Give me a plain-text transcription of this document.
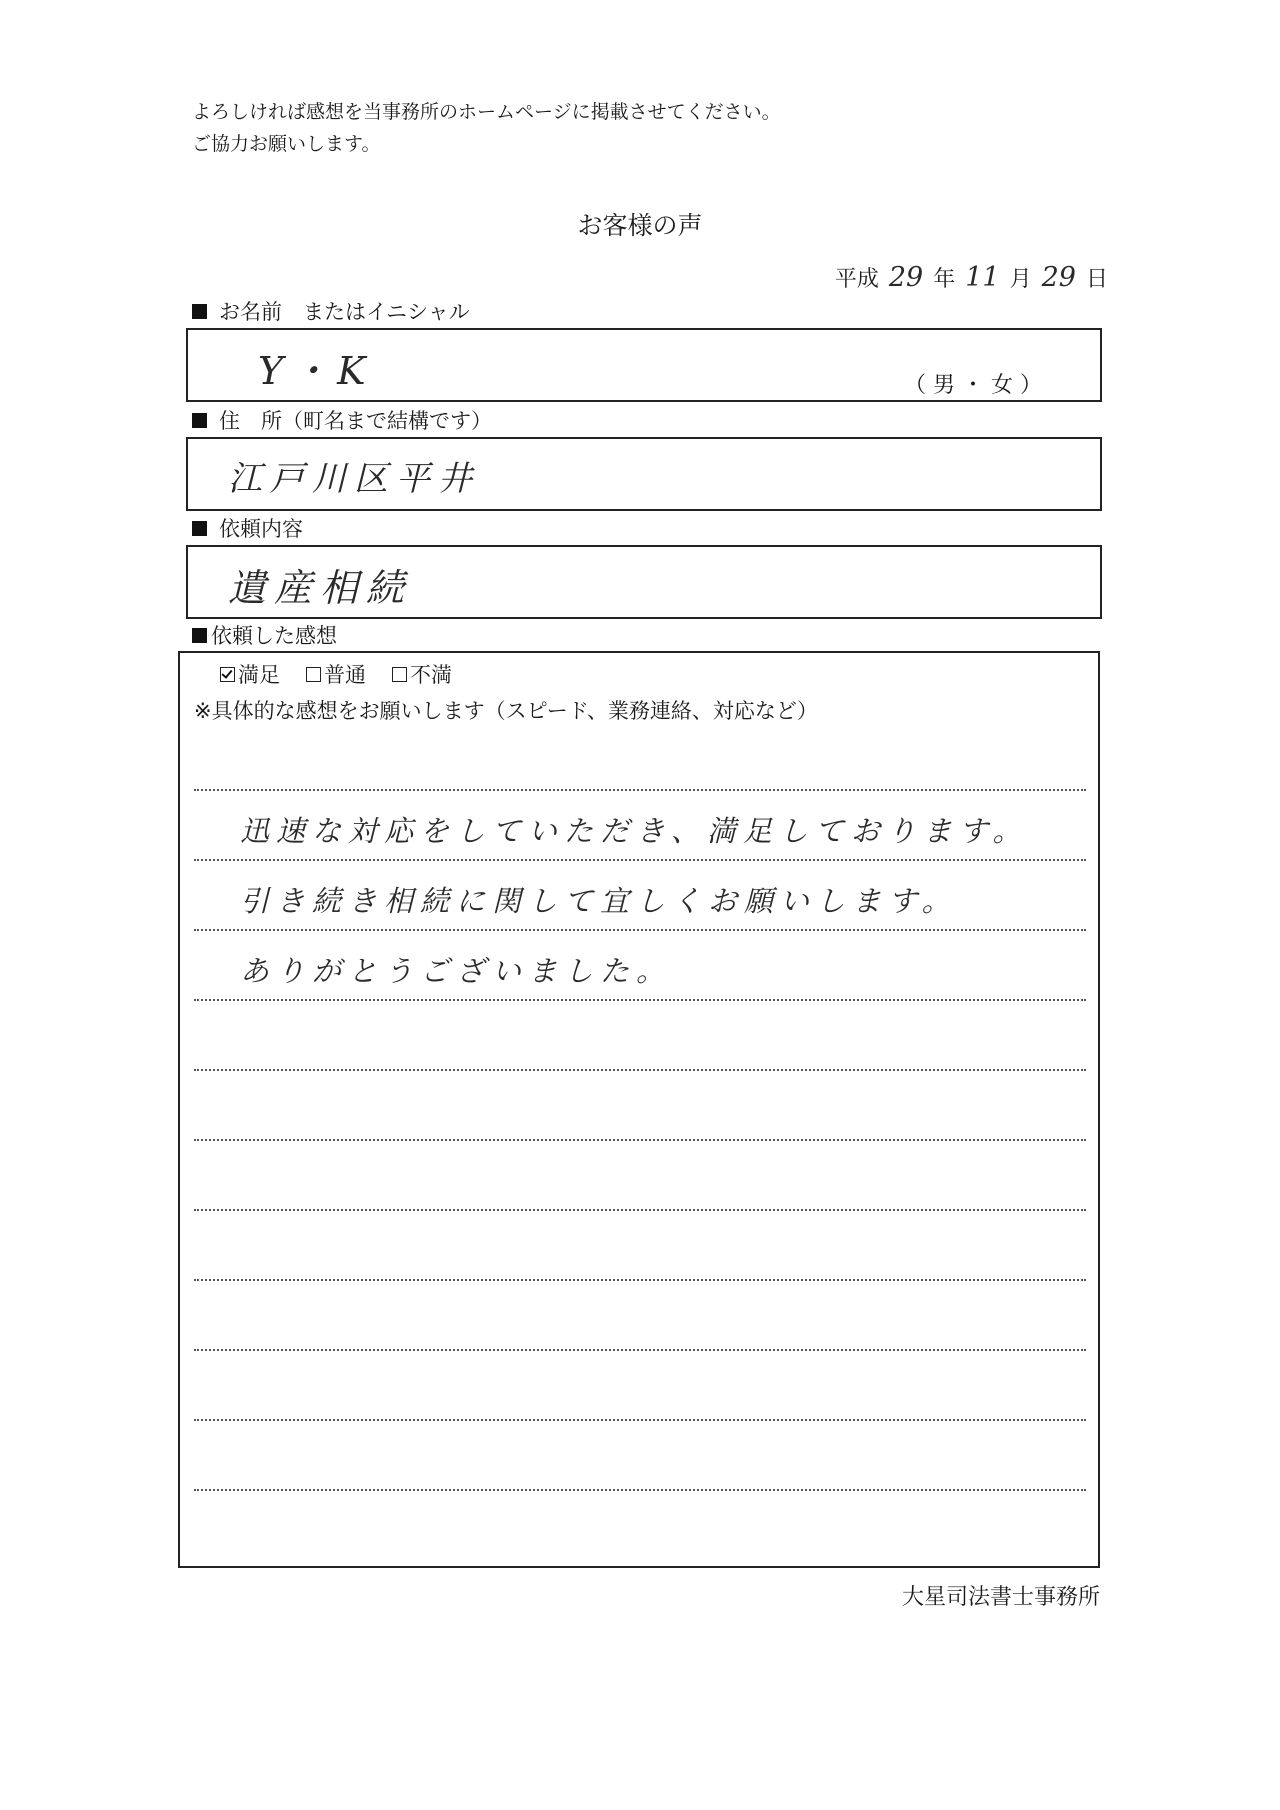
よろしければ感想を当事務所のホームページに掲載させてください。
ご協力お願いします。
お客様の声
平成 29 年 11 月 29 日
お名前　またはイニシャル
Y・K	（ 男 ・ 女 ）
住　所（町名まで結構です）
江戸川区平井
依頼内容
遺産相続
依頼した感想
満足 普通 不満
※具体的な感想をお願いします（スピード、業務連絡、対応など）
迅速な対応をしていただき、満足しております。
引き続き相続に関して宜しくお願いします。
ありがとうございました。
大星司法書士事務所
